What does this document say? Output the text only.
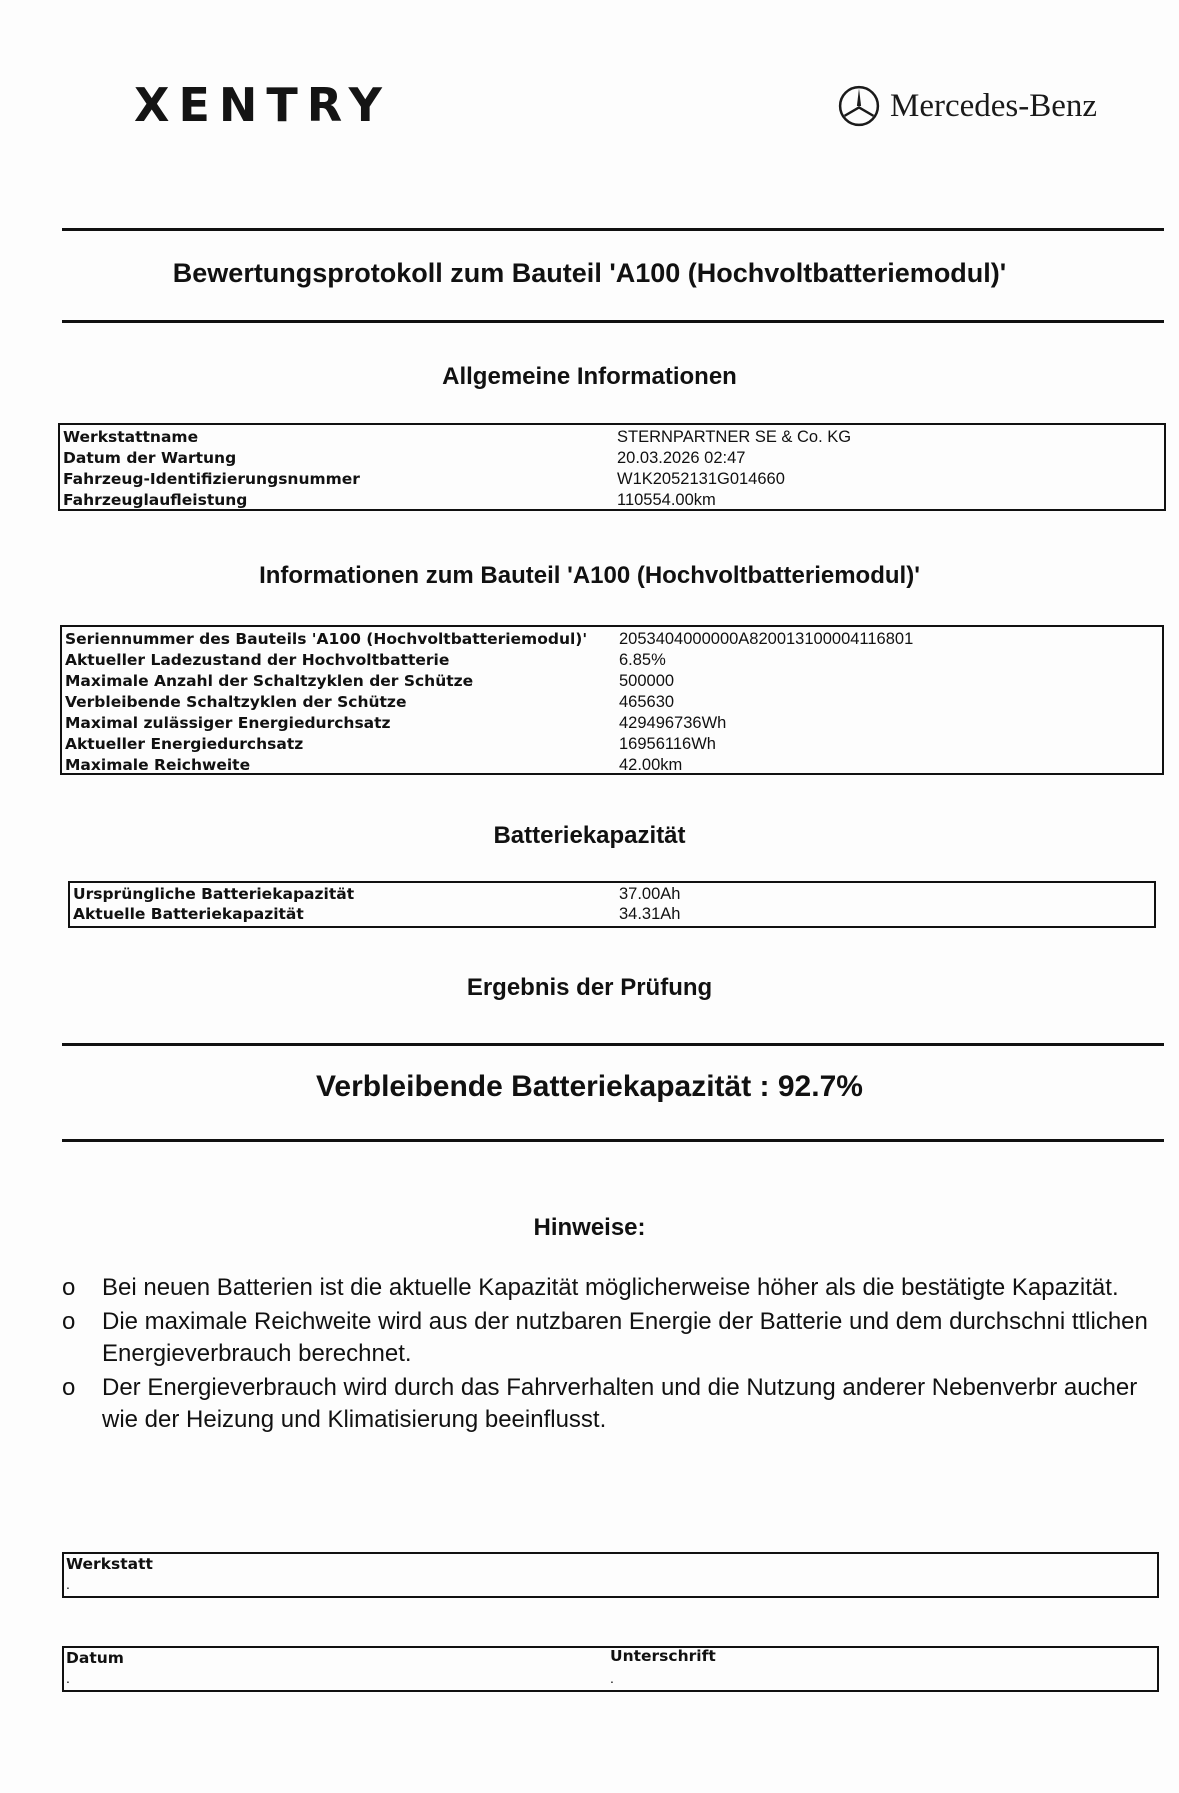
XENTRY	Mercedes-Benz
Bewertungsprotokoll zum Bauteil 'A100 (Hochvoltbatteriemodul)'
Allgemeine Informationen
Werkstattname	STERNPARTNER SE & Co. KG
Datum der Wartung	20.03.2026 02:47
Fahrzeug-Identifizierungsnummer	W1K2052131G014660
Fahrzeuglaufleistung	110554.00km
Informationen zum Bauteil 'A100 (Hochvoltbatteriemodul)'
Seriennummer des Bauteils 'A100 (Hochvoltbatteriemodul)'	2053404000000A820013100004116801
Aktueller Ladezustand der Hochvoltbatterie	6.85%
Maximale Anzahl der Schaltzyklen der Schütze	500000
Verbleibende Schaltzyklen der Schütze	465630
Maximal zulässiger Energiedurchsatz	429496736Wh
Aktueller Energiedurchsatz	16956116Wh
Maximale Reichweite	42.00km
Batteriekapazität
Ursprüngliche Batteriekapazität	37.00Ah
Aktuelle Batteriekapazität	34.31Ah
Ergebnis der Prüfung
Verbleibende Batteriekapazität : 92.7%
Hinweise:
o Bei neuen Batterien ist die aktuelle Kapazität möglicherweise höher als die bestätigte Kapazität.
o Die maximale Reichweite wird aus der nutzbaren Energie der Batterie und dem durchschni ttlichen Energieverbrauch berechnet.
o Der Energieverbrauch wird durch das Fahrverhalten und die Nutzung anderer Nebenverbr aucher wie der Heizung und Klimatisierung beeinflusst.
Werkstatt
.
Datum
.
Unterschrift
.
